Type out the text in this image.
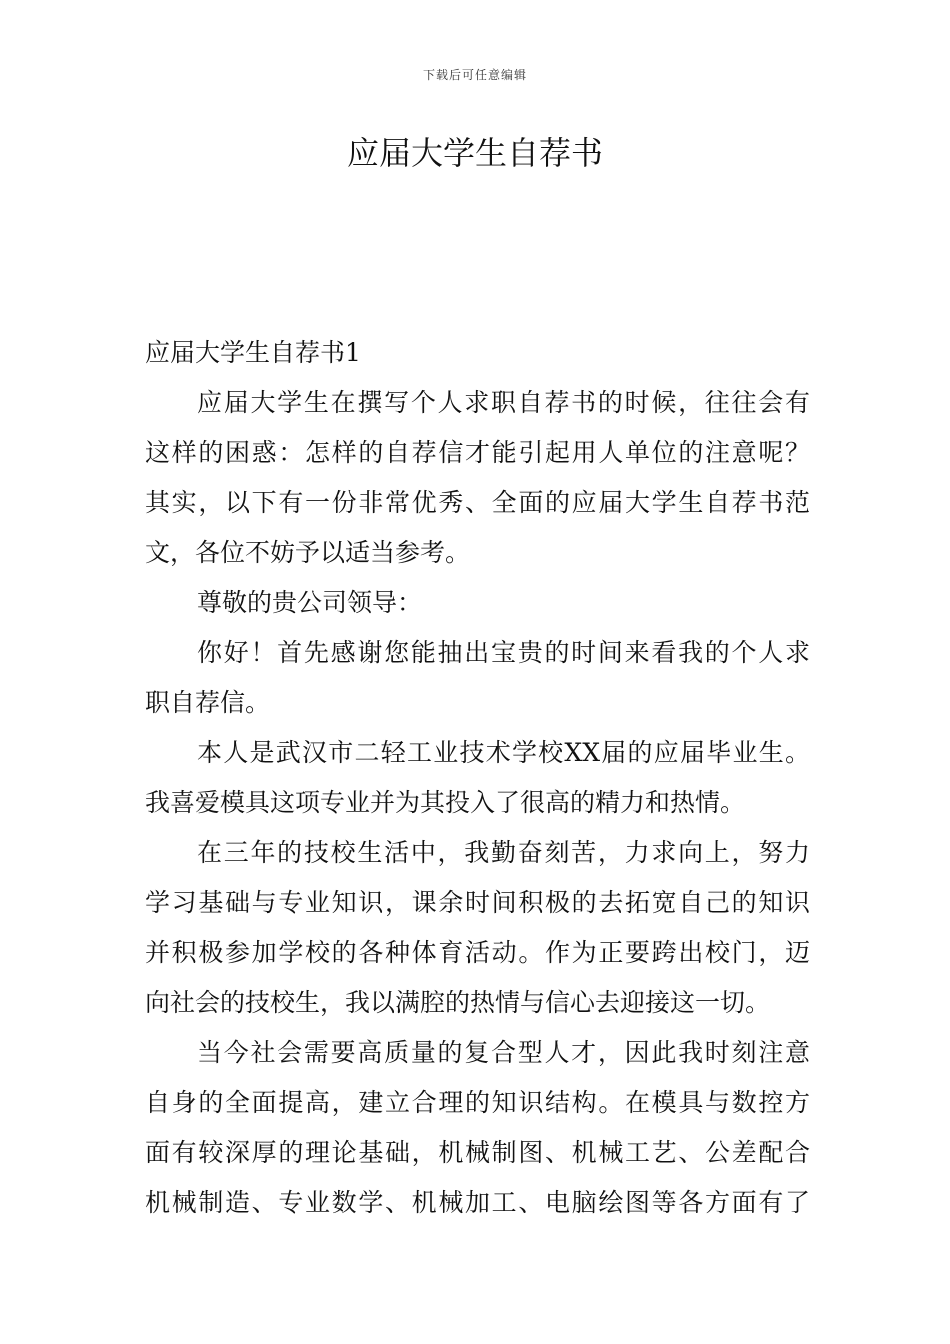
下载后可任意编辑
应届大学生自荐书
应届大学生自荐书1
应届大学生在撰写个人求职自荐书的时候，往往会有
这样的困惑：怎样的自荐信才能引起用人单位的注意呢？
其实，以下有一份非常优秀、全面的应届大学生自荐书范
文，各位不妨予以适当参考。
尊敬的贵公司领导：
你好！首先感谢您能抽出宝贵的时间来看我的个人求
职自荐信。
本人是武汉市二轻工业技术学校XX届的应届毕业生。
我喜爱模具这项专业并为其投入了很高的精力和热情。
在三年的技校生活中，我勤奋刻苦，力求向上，努力
学习基础与专业知识，课余时间积极的去拓宽自己的知识
并积极参加学校的各种体育活动。作为正要跨出校门，迈
向社会的技校生，我以满腔的热情与信心去迎接这一切。
当今社会需要高质量的复合型人才，因此我时刻注意
自身的全面提高，建立合理的知识结构。在模具与数控方
面有较深厚的理论基础，机械制图、机械工艺、公差配合
机械制造、专业数学、机械加工、电脑绘图等各方面有了
